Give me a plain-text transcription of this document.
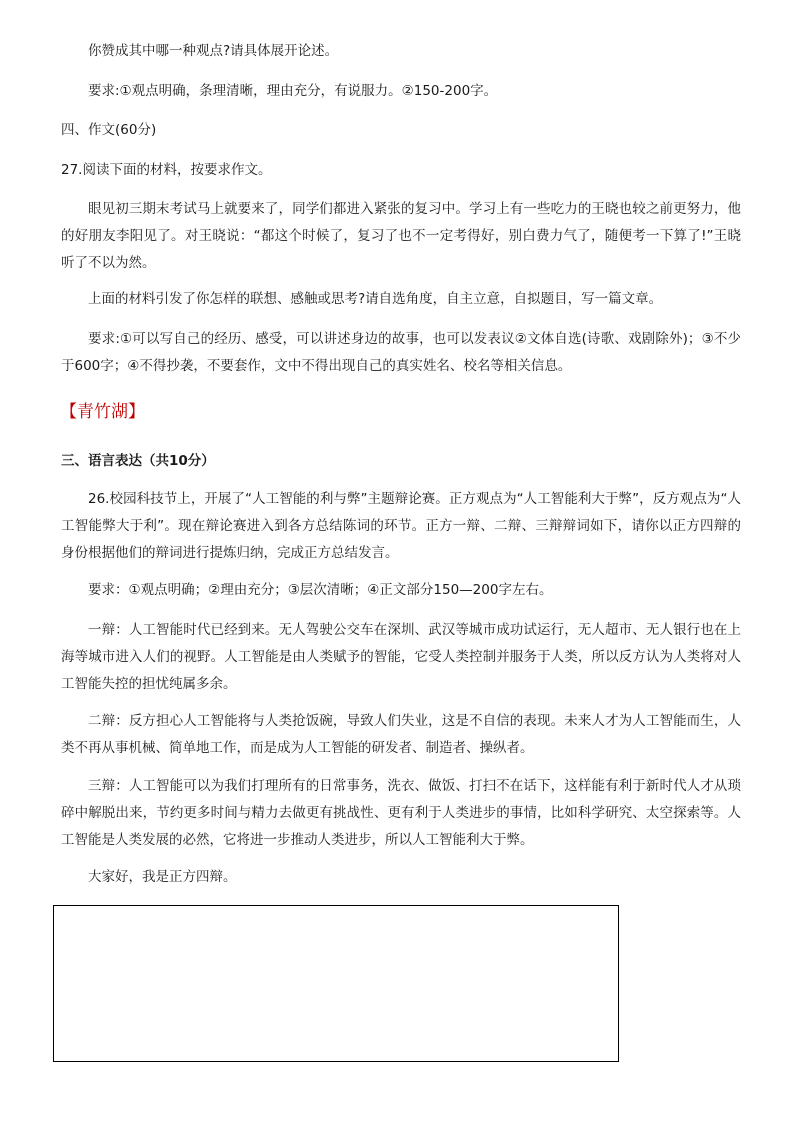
你赞成其中哪一种观点?请具体展开论述。

要求:①观点明确，条理清晰，理由充分，有说服力。②150-200字。

四、作文(60分)

27.阅读下面的材料，按要求作文。

眼见初三期末考试马上就要来了，同学们都进入紧张的复习中。学习上有一些吃力的王晓也较之前更努力，他的好朋友李阳见了。对王晓说：“都这个时候了，复习了也不一定考得好，别白费力气了，随便考一下算了!”王晓听了不以为然。

上面的材料引发了你怎样的联想、感触或思考?请自选角度，自主立意，自拟题目，写一篇文章。

要求:①可以写自己的经历、感受，可以讲述身边的故事，也可以发表议②文体自选(诗歌、戏剧除外)；③不少于600字；④不得抄袭，不要套作，文中不得出现自己的真实姓名、校名等相关信息。

【青竹湖】

三、语言表达（共10分）

26.校园科技节上，开展了“人工智能的利与弊”主题辩论赛。正方观点为“人工智能利大于弊”，反方观点为“人工智能弊大于利”。现在辩论赛进入到各方总结陈词的环节。正方一辩、二辩、三辩辩词如下，请你以正方四辩的身份根据他们的辩词进行提炼归纳，完成正方总结发言。

要求：①观点明确；②理由充分；③层次清晰；④正文部分150—200字左右。

一辩：人工智能时代已经到来。无人驾驶公交车在深圳、武汉等城市成功试运行，无人超市、无人银行也在上海等城市进入人们的视野。人工智能是由人类赋予的智能，它受人类控制并服务于人类，所以反方认为人类将对人工智能失控的担忧纯属多余。

二辩：反方担心人工智能将与人类抢饭碗，导致人们失业，这是不自信的表现。未来人才为人工智能而生，人类不再从事机械、简单地工作，而是成为人工智能的研发者、制造者、操纵者。

三辩：人工智能可以为我们打理所有的日常事务，洗衣、做饭、打扫不在话下，这样能有利于新时代人才从琐碎中解脱出来，节约更多时间与精力去做更有挑战性、更有利于人类进步的事情，比如科学研究、太空探索等。人工智能是人类发展的必然，它将进一步推动人类进步，所以人工智能利大于弊。

大家好，我是正方四辩。
